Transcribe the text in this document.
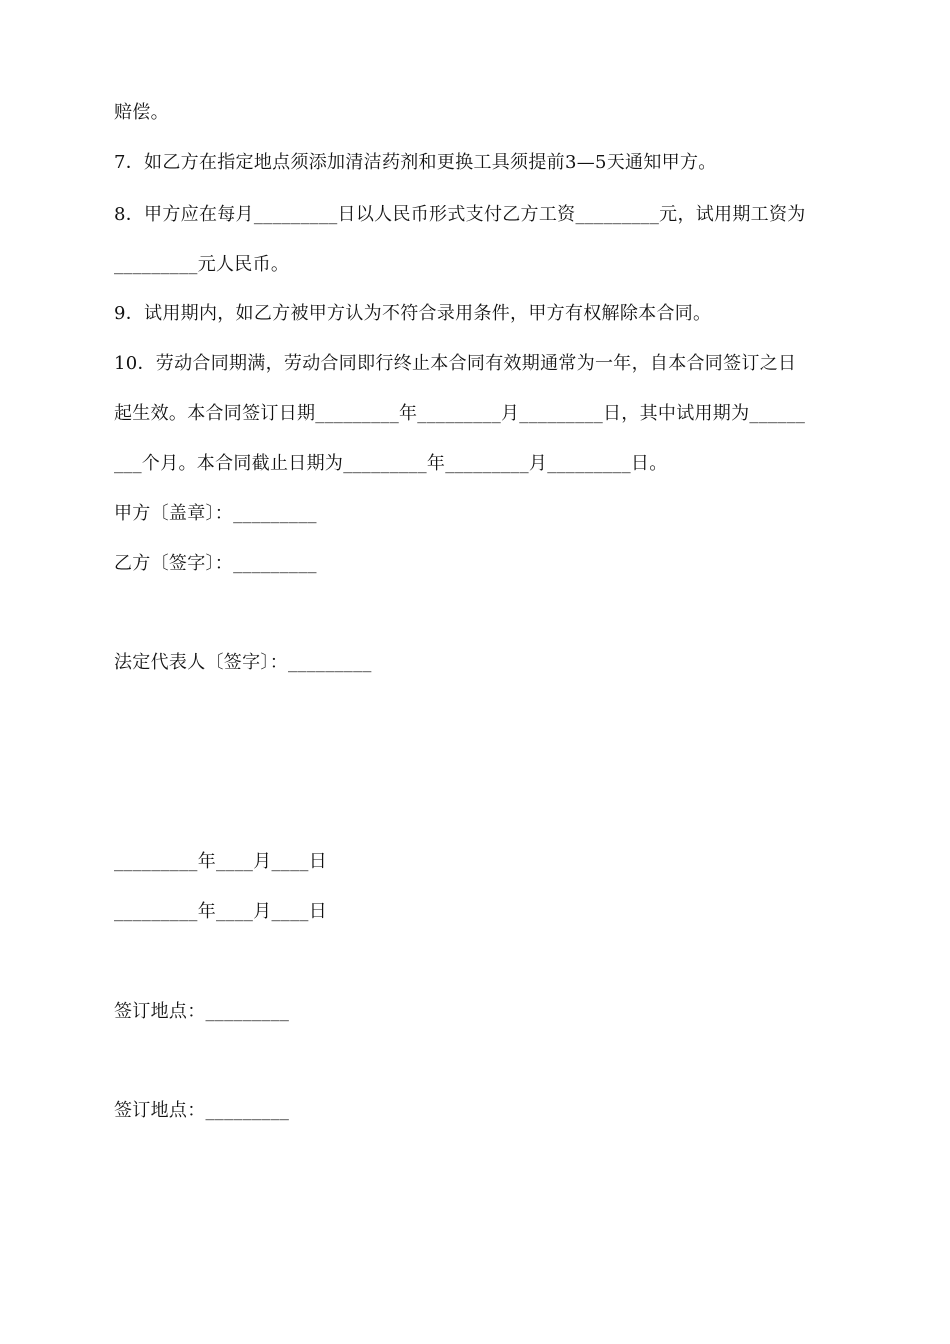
赔偿。
7．如乙方在指定地点须添加清洁药剂和更换工具须提前3—5天通知甲方。
8．甲方应在每月_________日以人民币形式支付乙方工资_________元，试用期工资为
_________元人民币。
9．试用期内，如乙方被甲方认为不符合录用条件，甲方有权解除本合同。
10．劳动合同期满，劳动合同即行终止本合同有效期通常为一年，自本合同签订之日
起生效。本合同签订日期_________年_________月_________日，其中试用期为______
___个月。本合同截止日期为_________年_________月_________日。
甲方〔盖章〕：_________
乙方〔签字〕：_________
法定代表人〔签字〕：_________
_________年____月____日
_________年____月____日
签订地点：_________
签订地点：_________
